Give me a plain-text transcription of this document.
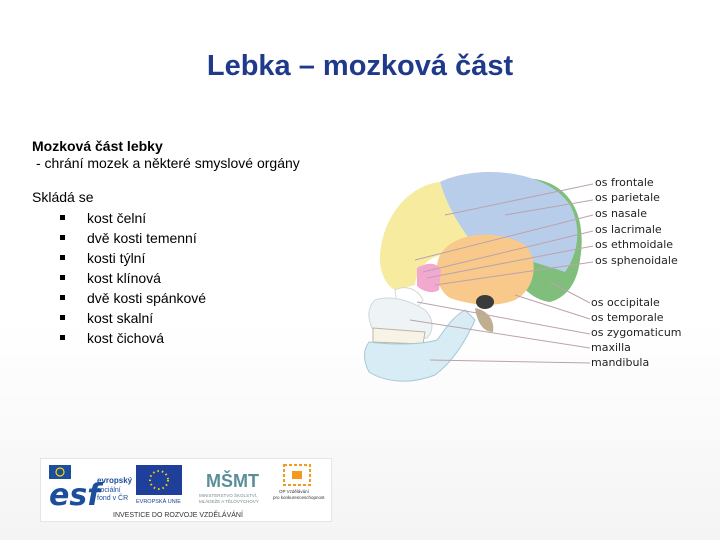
Lebka – mozková část
Mozková část lebky
- chrání mozek a některé smyslové orgány
Skládá se
kost čelní
dvě kosti temenní
kosti týlní
kost klínová
dvě kosti spánkové
kost skalní
kost čichová
os frontale
os parietale
os nasale
os lacrimale
os ethmoidale
os sphenoidale
os occipitale
os temporale
os zygomaticum
maxilla
mandibula
esf
evropský
sociální
fond v ČR EVROPSKÁ UNIE
MŠMT
MINISTERSTVO ŠKOLSTVÍ,
MLÁDEŽE A TĚLOVÝCHOVY
OP Vzdělávání
pro konkurenceschopnost
INVESTICE DO ROZVOJE VZDĚLÁVÁNÍ
